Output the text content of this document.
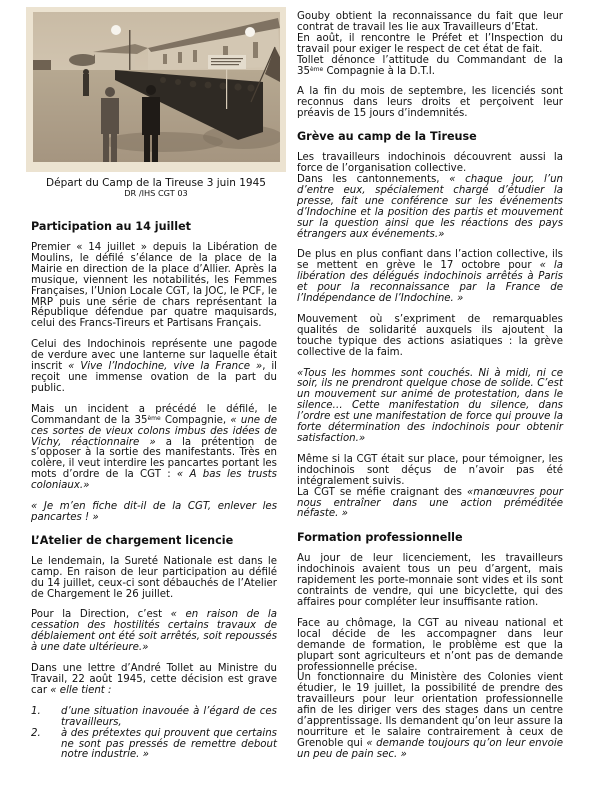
Départ du Camp de la Tireuse 3 juin 1945
DR /IHS CGT 03
Participation au 14 juillet

Premier « 14 juillet » depuis la Libération de Moulins, le défilé s’élance de la place de la Mairie en direction de la place d’Allier. Après la musique, viennent les notabilités, les Femmes Françaises, l’Union Locale CGT, la JOC, le PCF, le MRP puis une série de chars représentant la République défendue par quatre maquisards, celui des Francs-Tireurs et Partisans Français.

Celui des Indochinois représente une pagode de verdure avec une lanterne sur laquelle était inscrit « Vive l’Indochine, vive la France », il reçoit une immense ovation de la part du public.

Mais un incident a précédé le défilé, le Commandant de la 35ème Compagnie, « une de ces sortes de vieux colons imbus des idées de Vichy, réactionnaire » a la prétention de s’opposer à la sortie des manifestants. Très en colère, il veut interdire les pancartes portant les mots d’ordre de la CGT : « A bas les trusts coloniaux.»

« Je m’en fiche dit-il de la CGT, enlever les pancartes ! »

L’Atelier de chargement licencie

Le lendemain, la Sureté Nationale est dans le camp. En raison de leur participation au défilé du 14 juillet, ceux-ci sont débauchés de l’Atelier de Chargement le 26 juillet.

Pour la Direction, c’est « en raison de la cessation des hostilités certains travaux de déblaiement ont été soit arrêtés, soit repoussés à une date ultérieure.»

Dans une lettre d’André Tollet au Ministre du Travail, 22 août 1945, cette décision est grave car « elle tient :

1. d’une situation inavouée à l’égard de ces travailleurs,
2. à des prétextes qui prouvent que certains ne sont pas pressés de remettre debout notre industrie. »

Gouby obtient la reconnaissance du fait que leur contrat de travail les lie aux Travailleurs d’Etat.

En août, il rencontre le Préfet et l’Inspection du travail pour exiger le respect de cet état de fait.

Tollet dénonce l’attitude du Commandant de la 35ème Compagnie à la D.T.I.

A la fin du mois de septembre, les licenciés sont reconnus dans leurs droits et perçoivent leur préavis de 15 jours d’indemnités.

Grève au camp de la Tireuse

Les travailleurs indochinois découvrent aussi la force de l’organisation collective.

Dans les cantonnements, « chaque jour, l’un d’entre eux, spécialement chargé d’étudier la presse, fait une conférence sur les événements d’Indochine et la position des partis et mouvement sur la question ainsi que les réactions des pays étrangers aux événements.»

De plus en plus confiant dans l’action collective, ils se mettent en grève le 17 octobre pour « la libération des délégués indochinois arrêtés à Paris et pour la reconnaissance par la France de l’Indépendance de l’Indochine. »

Mouvement où s’expriment de remarquables qualités de solidarité auxquels ils ajoutent la touche typique des actions asiatiques : la grève collective de la faim.

«Tous les hommes sont couchés. Ni à midi, ni ce soir, ils ne prendront quelque chose de solide. C’est un mouvement sur animé de protestation, dans le silence… Cette manifestation du silence, dans l’ordre est une manifestation de force qui prouve la forte détermination des indochinois pour obtenir satisfaction.»

Même si la CGT était sur place, pour témoigner, les indochinois sont déçus de n’avoir pas été intégralement suivis.

La CGT se méfie craignant des «manœuvres pour nous entraîner dans une action préméditée néfaste. »

Formation professionnelle

Au jour de leur licenciement, les travailleurs indochinois avaient tous un peu d’argent, mais rapidement les porte-monnaie sont vides et ils sont contraints de vendre, qui une bicyclette, qui des affaires pour compléter leur insuffisante ration.

Face au chômage, la CGT au niveau national et local décide de les accompagner dans leur demande de formation, le problème est que la plupart sont agriculteurs et n’ont pas de demande professionnelle précise.

Un fonctionnaire du Ministère des Colonies vient étudier, le 19 juillet, la possibilité de prendre des travailleurs pour leur orientation professionnelle afin de les diriger vers des stages dans un centre d’apprentissage. Ils demandent qu’on leur assure la nourriture et le salaire contrairement à ceux de Grenoble qui « demande toujours qu’on leur envoie un peu de pain sec. »
